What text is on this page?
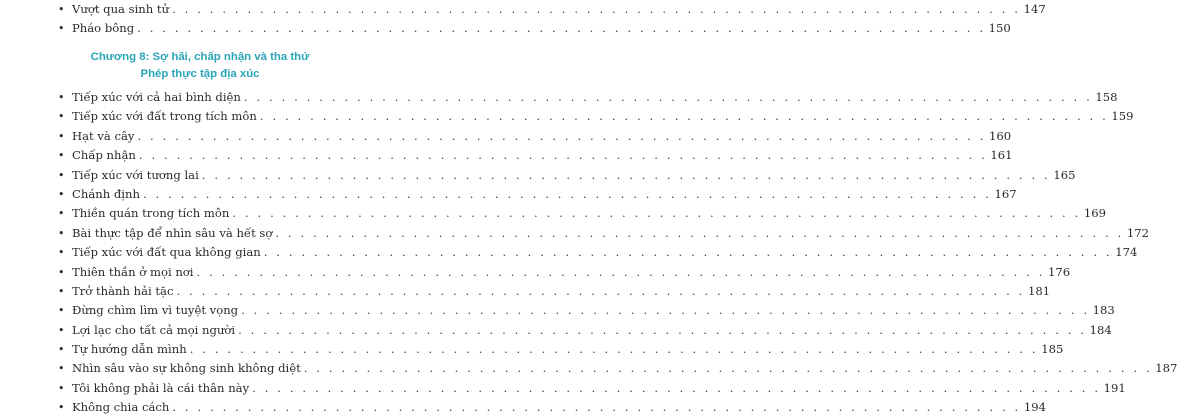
• Vượt qua sinh tử . . .	147
• Pháo bông . . .	150
Chương 8: Sợ hãi, chấp nhận và tha thứ
Phép thực tập địa xúc
• Tiếp xúc với cả hai bình diện . . .	158
• Tiếp xúc với đất trong tích môn . . .	159
• Hạt và cây . . .	160
• Chấp nhận . . .	161
• Tiếp xúc với tương lai . . .	165
• Chánh định . . .	167
• Thiền quán trong tích môn . . .	169
• Bài thực tập để nhìn sâu và hết sợ . . .	172
• Tiếp xúc với đất qua không gian . . .	174
• Thiên thần ở mọi nơi . . .	176
• Trở thành hải tặc . . .	181
• Đừng chìm lìm vì tuyệt vọng . . .	183
• Lợi lạc cho tất cả mọi người . . .	184
• Tự hướng dẫn mình . . .	185
• Nhìn sâu vào sự không sinh không diệt . . .	187
• Tôi không phải là cái thân này . . .	191
• Không chia cách . . .	194
